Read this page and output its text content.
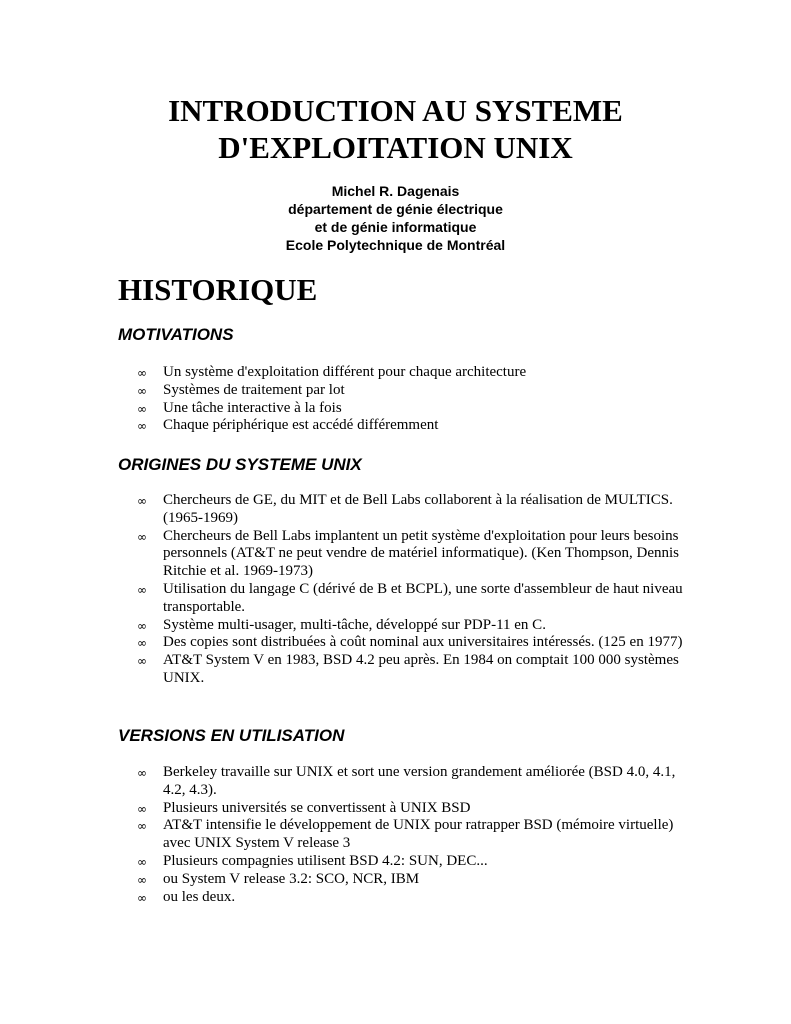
INTRODUCTION AU SYSTEME
D'EXPLOITATION UNIX
Michel R. Dagenais
département de génie électrique
et de génie informatique
Ecole Polytechnique de Montréal
HISTORIQUE
MOTIVATIONS
∞ Un système d'exploitation différent pour chaque architecture
∞ Systèmes de traitement par lot
∞ Une tâche interactive à la fois
∞ Chaque périphérique est accédé différemment
ORIGINES DU SYSTEME UNIX
∞ Chercheurs de GE, du MIT et de Bell Labs collaborent à la réalisation de MULTICS. (1965-1969)
∞ Chercheurs de Bell Labs implantent un petit système d'exploitation pour leurs besoins personnels (AT&T ne peut vendre de matériel informatique). (Ken Thompson, Dennis Ritchie et al. 1969-1973)
∞ Utilisation du langage C (dérivé de B et BCPL), une sorte d'assembleur de haut niveau transportable.
∞ Système multi-usager, multi-tâche, développé sur PDP-11 en C.
∞ Des copies sont distribuées à coût nominal aux universitaires intéressés. (125 en 1977)
∞ AT&T System V en 1983, BSD 4.2 peu après. En 1984 on comptait 100 000 systèmes UNIX.
VERSIONS EN UTILISATION
∞ Berkeley travaille sur UNIX et sort une version grandement améliorée (BSD 4.0, 4.1, 4.2, 4.3).
∞ Plusieurs universités se convertissent à UNIX BSD
∞ AT&T intensifie le développement de UNIX pour ratrapper BSD (mémoire virtuelle) avec UNIX System V release 3
∞ Plusieurs compagnies utilisent BSD 4.2: SUN, DEC...
∞ ou System V release 3.2: SCO, NCR, IBM
∞ ou les deux.
